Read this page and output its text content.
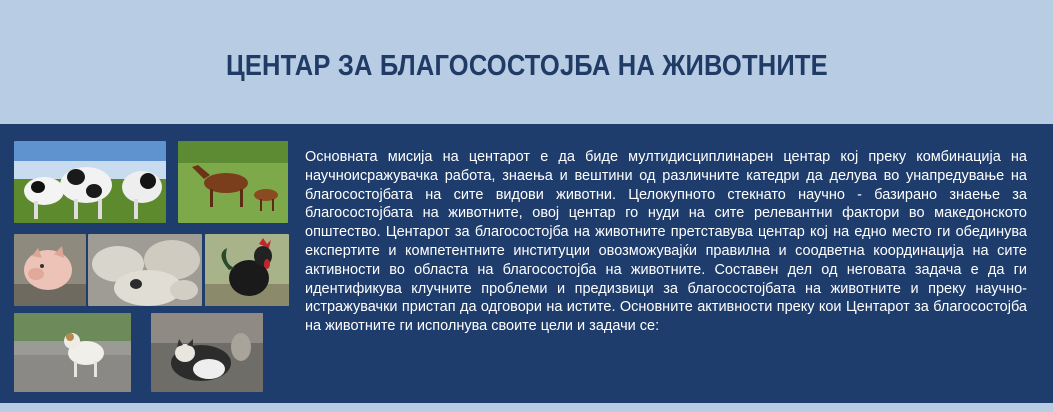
ЦЕНТАР ЗА БЛАГОСОСТОЈБА НА ЖИВОТНИТЕ
Основната мисија на центарот е да биде мултидисциплинарен центар кој преку комбинација на научноисражувачка работа, знаења и вештини од различните катедри да делува во унапредување на благосостојбата на сите видови животни. Целокупното стекнато научно - базирано знаење за благосостојбата на животните, овој центар го нуди на сите релевантни фактори во македонското општество. Центарот за благосостојба на животните претставува центар кој на едно место ги обединува експертите и компетентните институции овозможувајќи правилна и соодветна координација на сите активности во областа на благосостојба на животните. Составен дел од неговата задача е да ги идентификува клучните проблеми и предизвици за благосостојбата на животните и преку научно-истражувачки пристап да одговори на истите. Основните активности преку кои Центарот за благосостојба на животните ги исполнува своите цели и задачи се:
